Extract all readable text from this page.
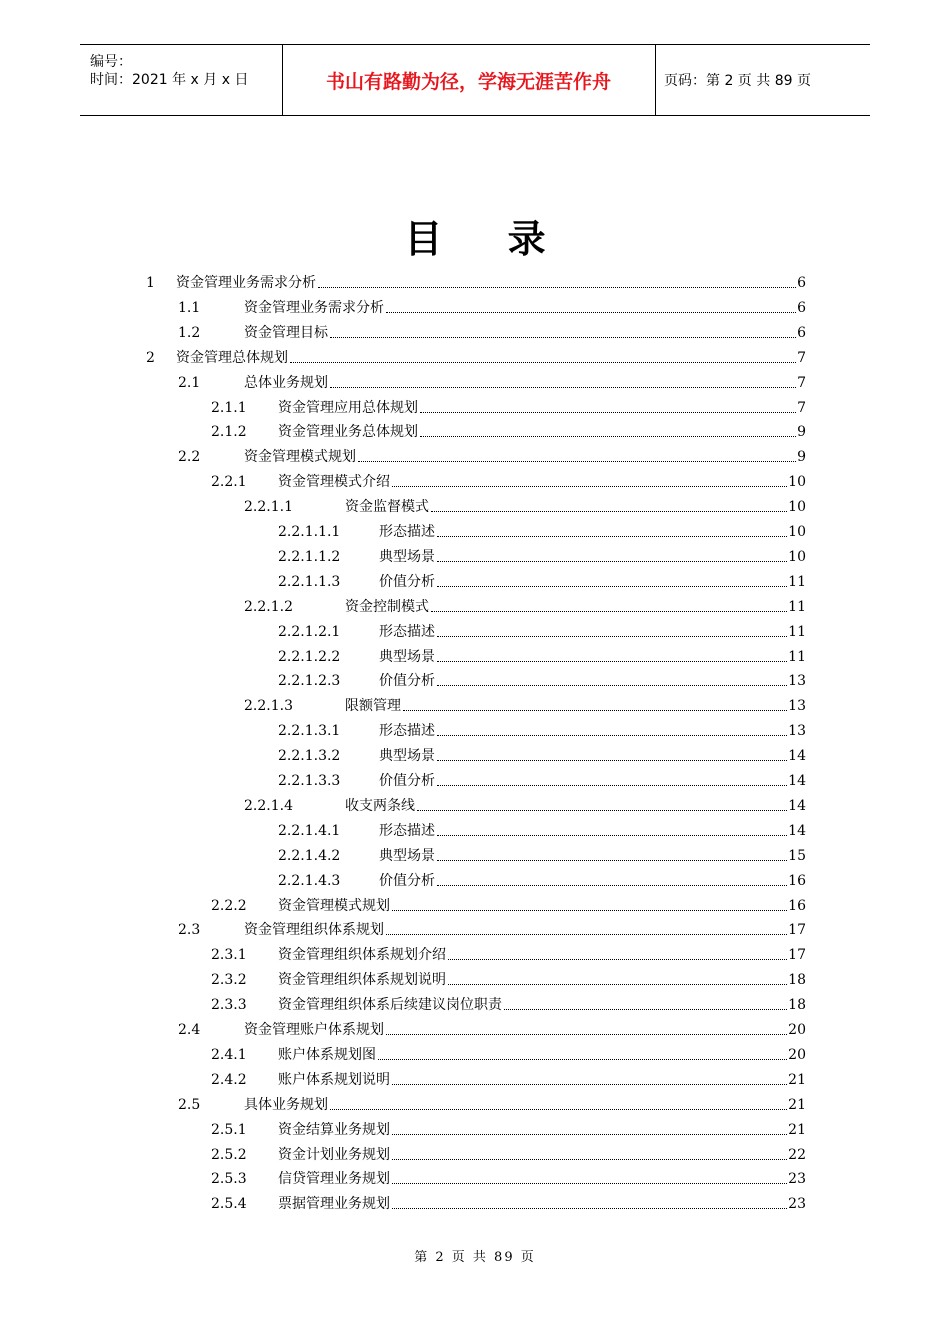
编号：
时间：2021 年 x 月 x 日	书山有路勤为径，学海无涯苦作舟	页码：第 2 页 共 89 页
目 录
1 资金管理业务需求分析	6
1.1	资金管理业务需求分析	6
1.2	资金管理目标	6
2 资金管理总体规划	7
2.1	总体业务规划	7
2.1.1 资金管理应用总体规划	7
2.1.2 资金管理业务总体规划	9
2.2	资金管理模式规划	9
2.2.1 资金管理模式介绍	10
2.2.1.1	资金监督模式	10
2.2.1.1.1	形态描述	10
2.2.1.1.2	典型场景	10
2.2.1.1.3	价值分析	11
2.2.1.2	资金控制模式	11
2.2.1.2.1	形态描述	11
2.2.1.2.2	典型场景	11
2.2.1.2.3	价值分析	13
2.2.1.3	限额管理	13
2.2.1.3.1	形态描述	13
2.2.1.3.2	典型场景	14
2.2.1.3.3	价值分析	14
2.2.1.4	收支两条线	14
2.2.1.4.1	形态描述	14
2.2.1.4.2	典型场景	15
2.2.1.4.3	价值分析	16
2.2.2 资金管理模式规划	16
2.3	资金管理组织体系规划	17
2.3.1 资金管理组织体系规划介绍	17
2.3.2 资金管理组织体系规划说明	18
2.3.3 资金管理组织体系后续建议岗位职责	18
2.4	资金管理账户体系规划	20
2.4.1 账户体系规划图	20
2.4.2 账户体系规划说明	21
2.5	具体业务规划	21
2.5.1 资金结算业务规划	21
2.5.2 资金计划业务规划	22
2.5.3 信贷管理业务规划	23
2.5.4 票据管理业务规划	23
第 2 页 共 89 页
